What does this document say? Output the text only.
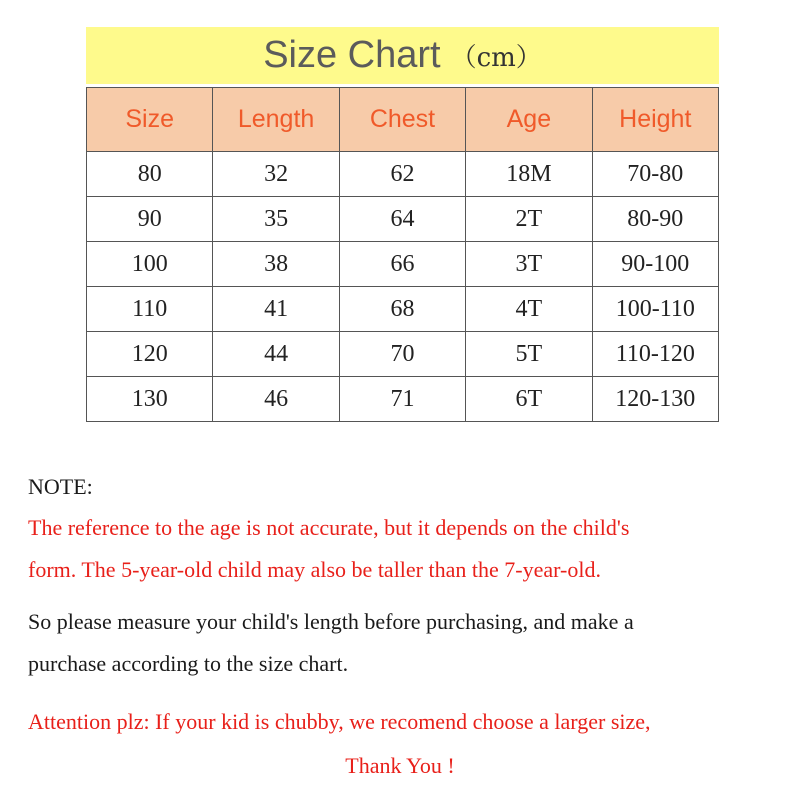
Size Chart （cm）
Size	Length	Chest	Age	Height
80	32	62	18M	70-80
90	35	64	2T	80-90
100	38	66	3T	90-100
110	41	68	4T	100-110
120	44	70	5T	110-120
130	46	71	6T	120-130

NOTE:

The reference to the age is not accurate, but it depends on the child's

form. The 5-year-old child may also be taller than the 7-year-old.

So please measure your child's length before purchasing, and make a

purchase according to the size chart.

Attention plz: If your kid is chubby, we recomend choose a larger size,

Thank You !
